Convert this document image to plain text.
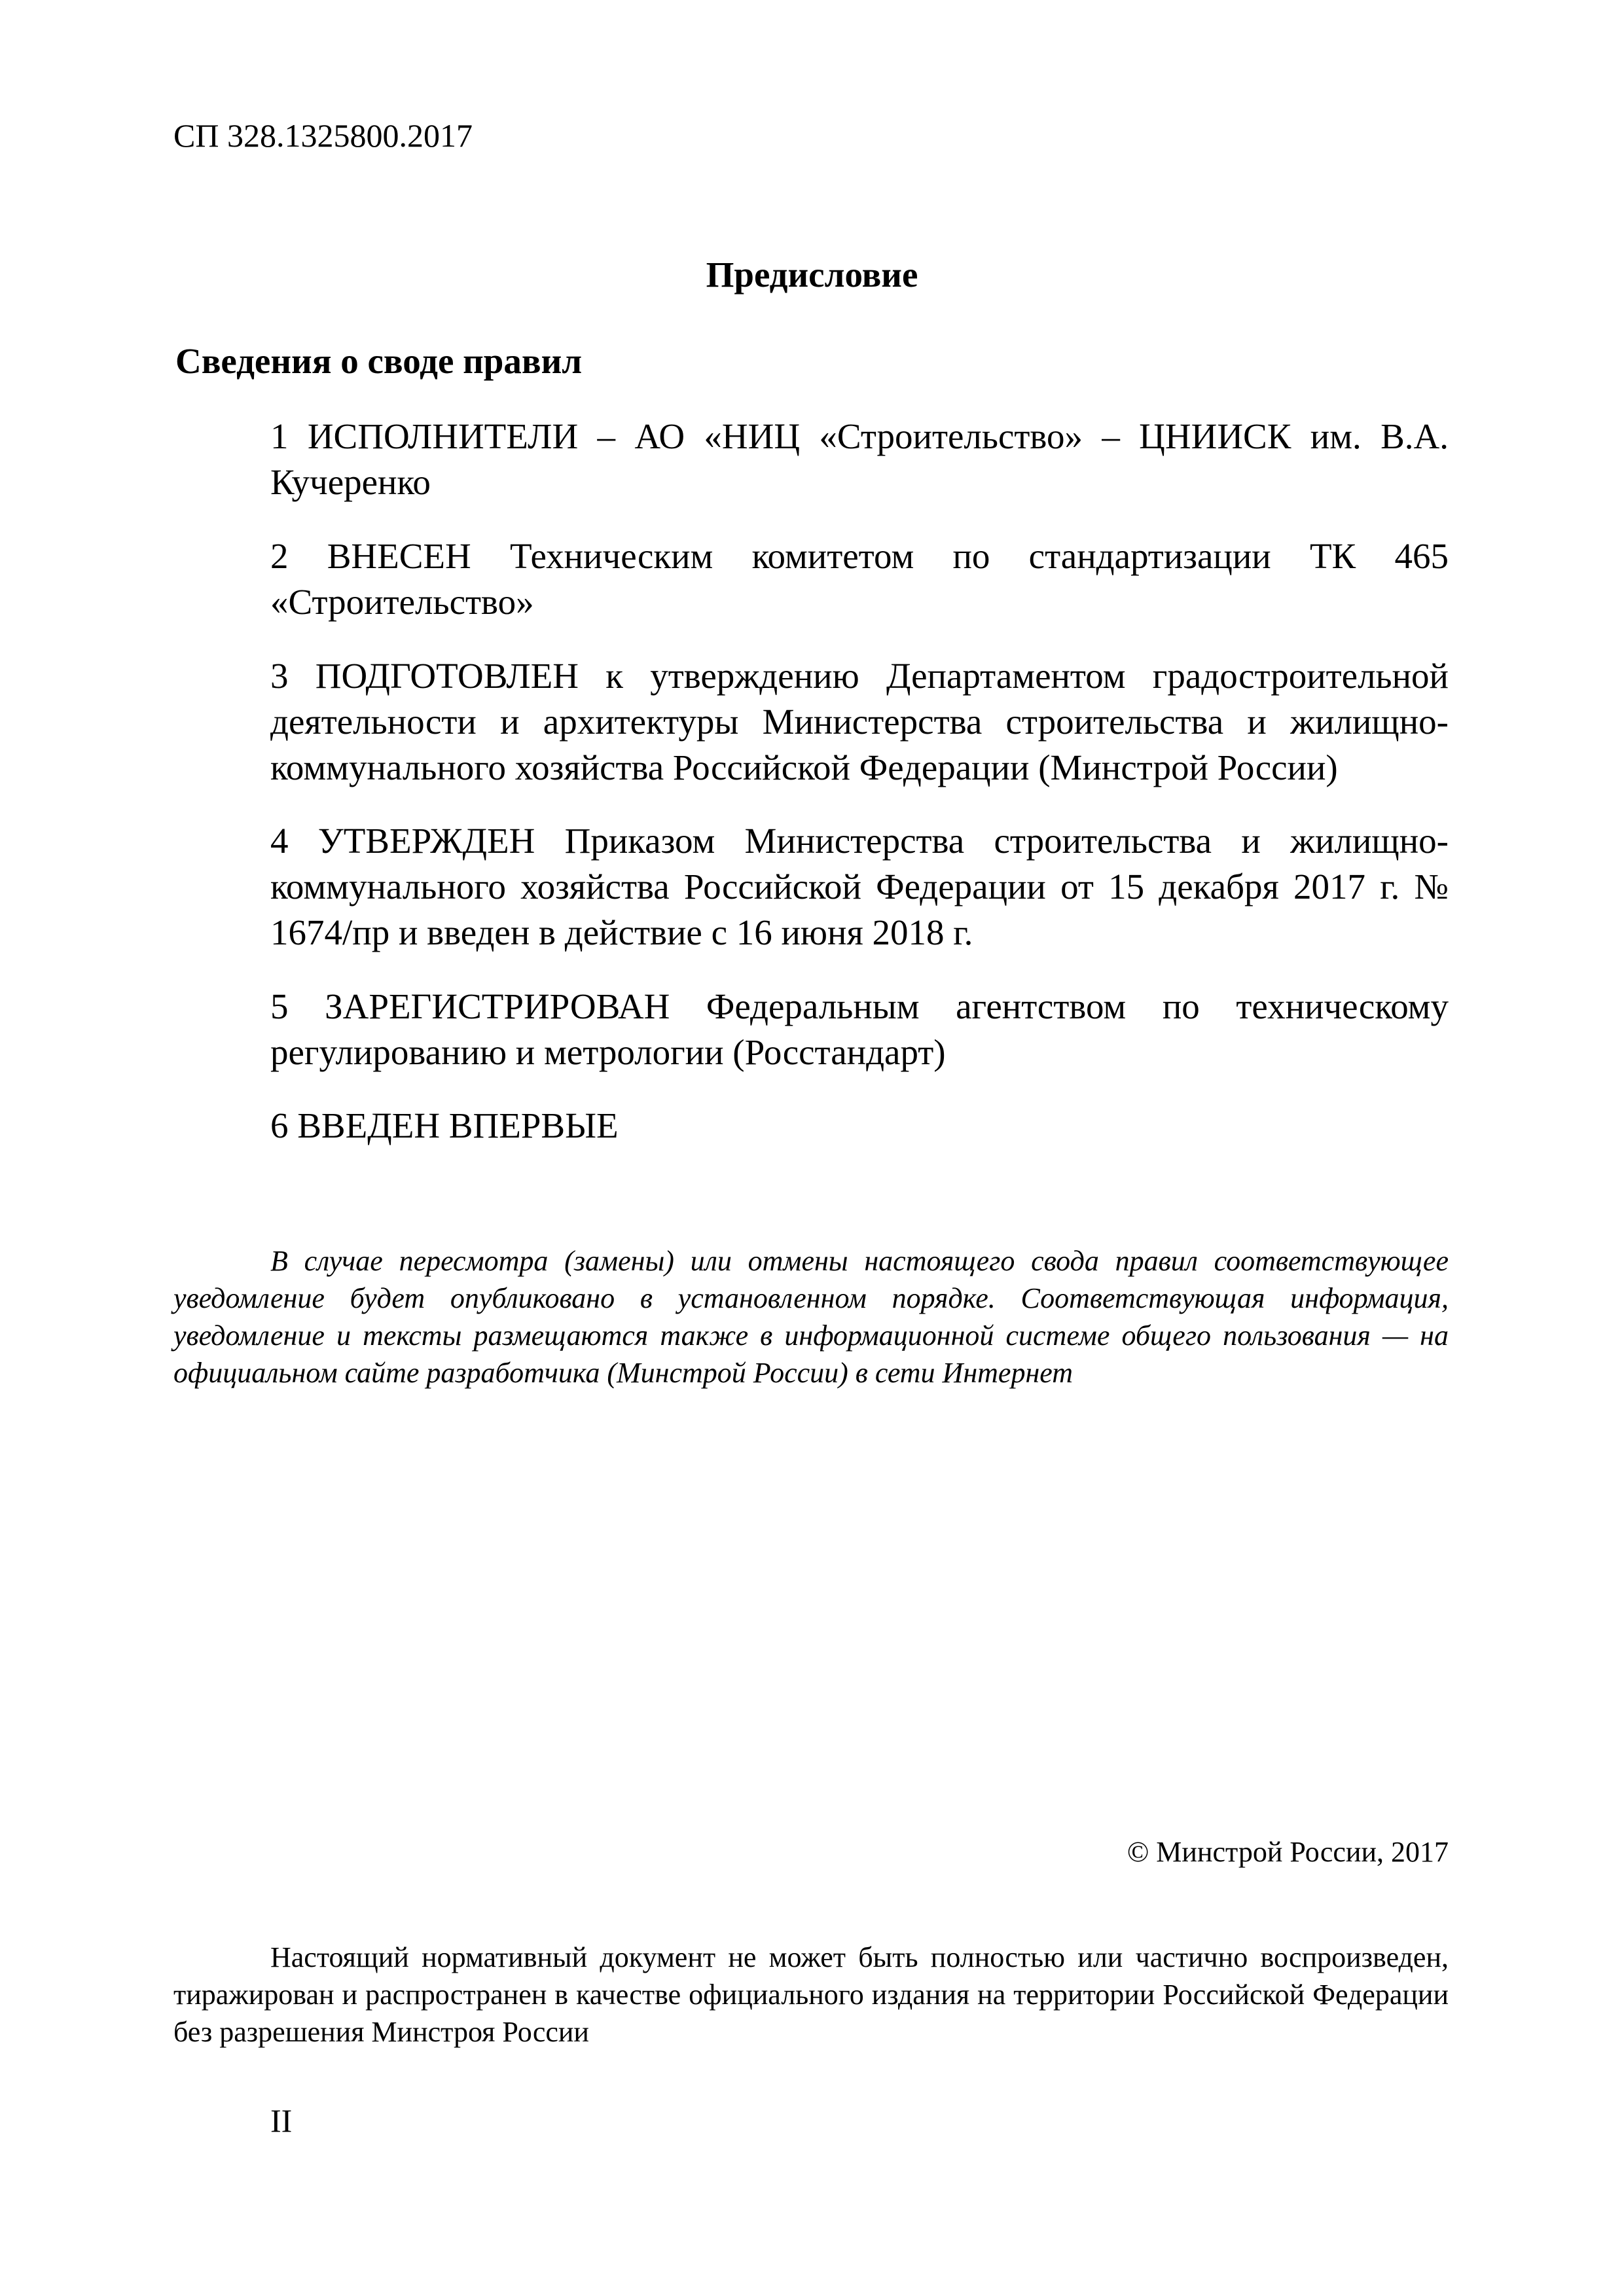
СП 328.1325800.2017
Предисловие
Сведения о своде правил
1 ИСПОЛНИТЕЛИ – АО «НИЦ «Строительство» – ЦНИИСК им. В.А. Кучеренко
2 ВНЕСЕН Техническим комитетом по стандартизации ТК 465 «Строительство»
3 ПОДГОТОВЛЕН к утверждению Департаментом градостроительной деятельности и архитектуры Министерства строительства и жилищно-коммунального хозяйства Российской Федерации (Минстрой России)
4 УТВЕРЖДЕН Приказом Министерства строительства и жилищно-коммунального хозяйства Российской Федерации от 15 декабря 2017 г. № 1674/пр и введен в действие с 16 июня 2018 г.
5 ЗАРЕГИСТРИРОВАН Федеральным агентством по техническому регулированию и метрологии (Росстандарт)
6 ВВЕДЕН ВПЕРВЫЕ
В случае пересмотра (замены) или отмены настоящего свода правил соответствующее уведомление будет опубликовано в установленном порядке. Соответствующая информация, уведомление и тексты размещаются также в информационной системе общего пользования — на официальном сайте разработчика (Минстрой России) в сети Интернет
© Минстрой России, 2017
Настоящий нормативный документ не может быть полностью или частично воспроизведен, тиражирован и распространен в качестве официального издания на территории Российской Федерации без разрешения Минстроя России
II
